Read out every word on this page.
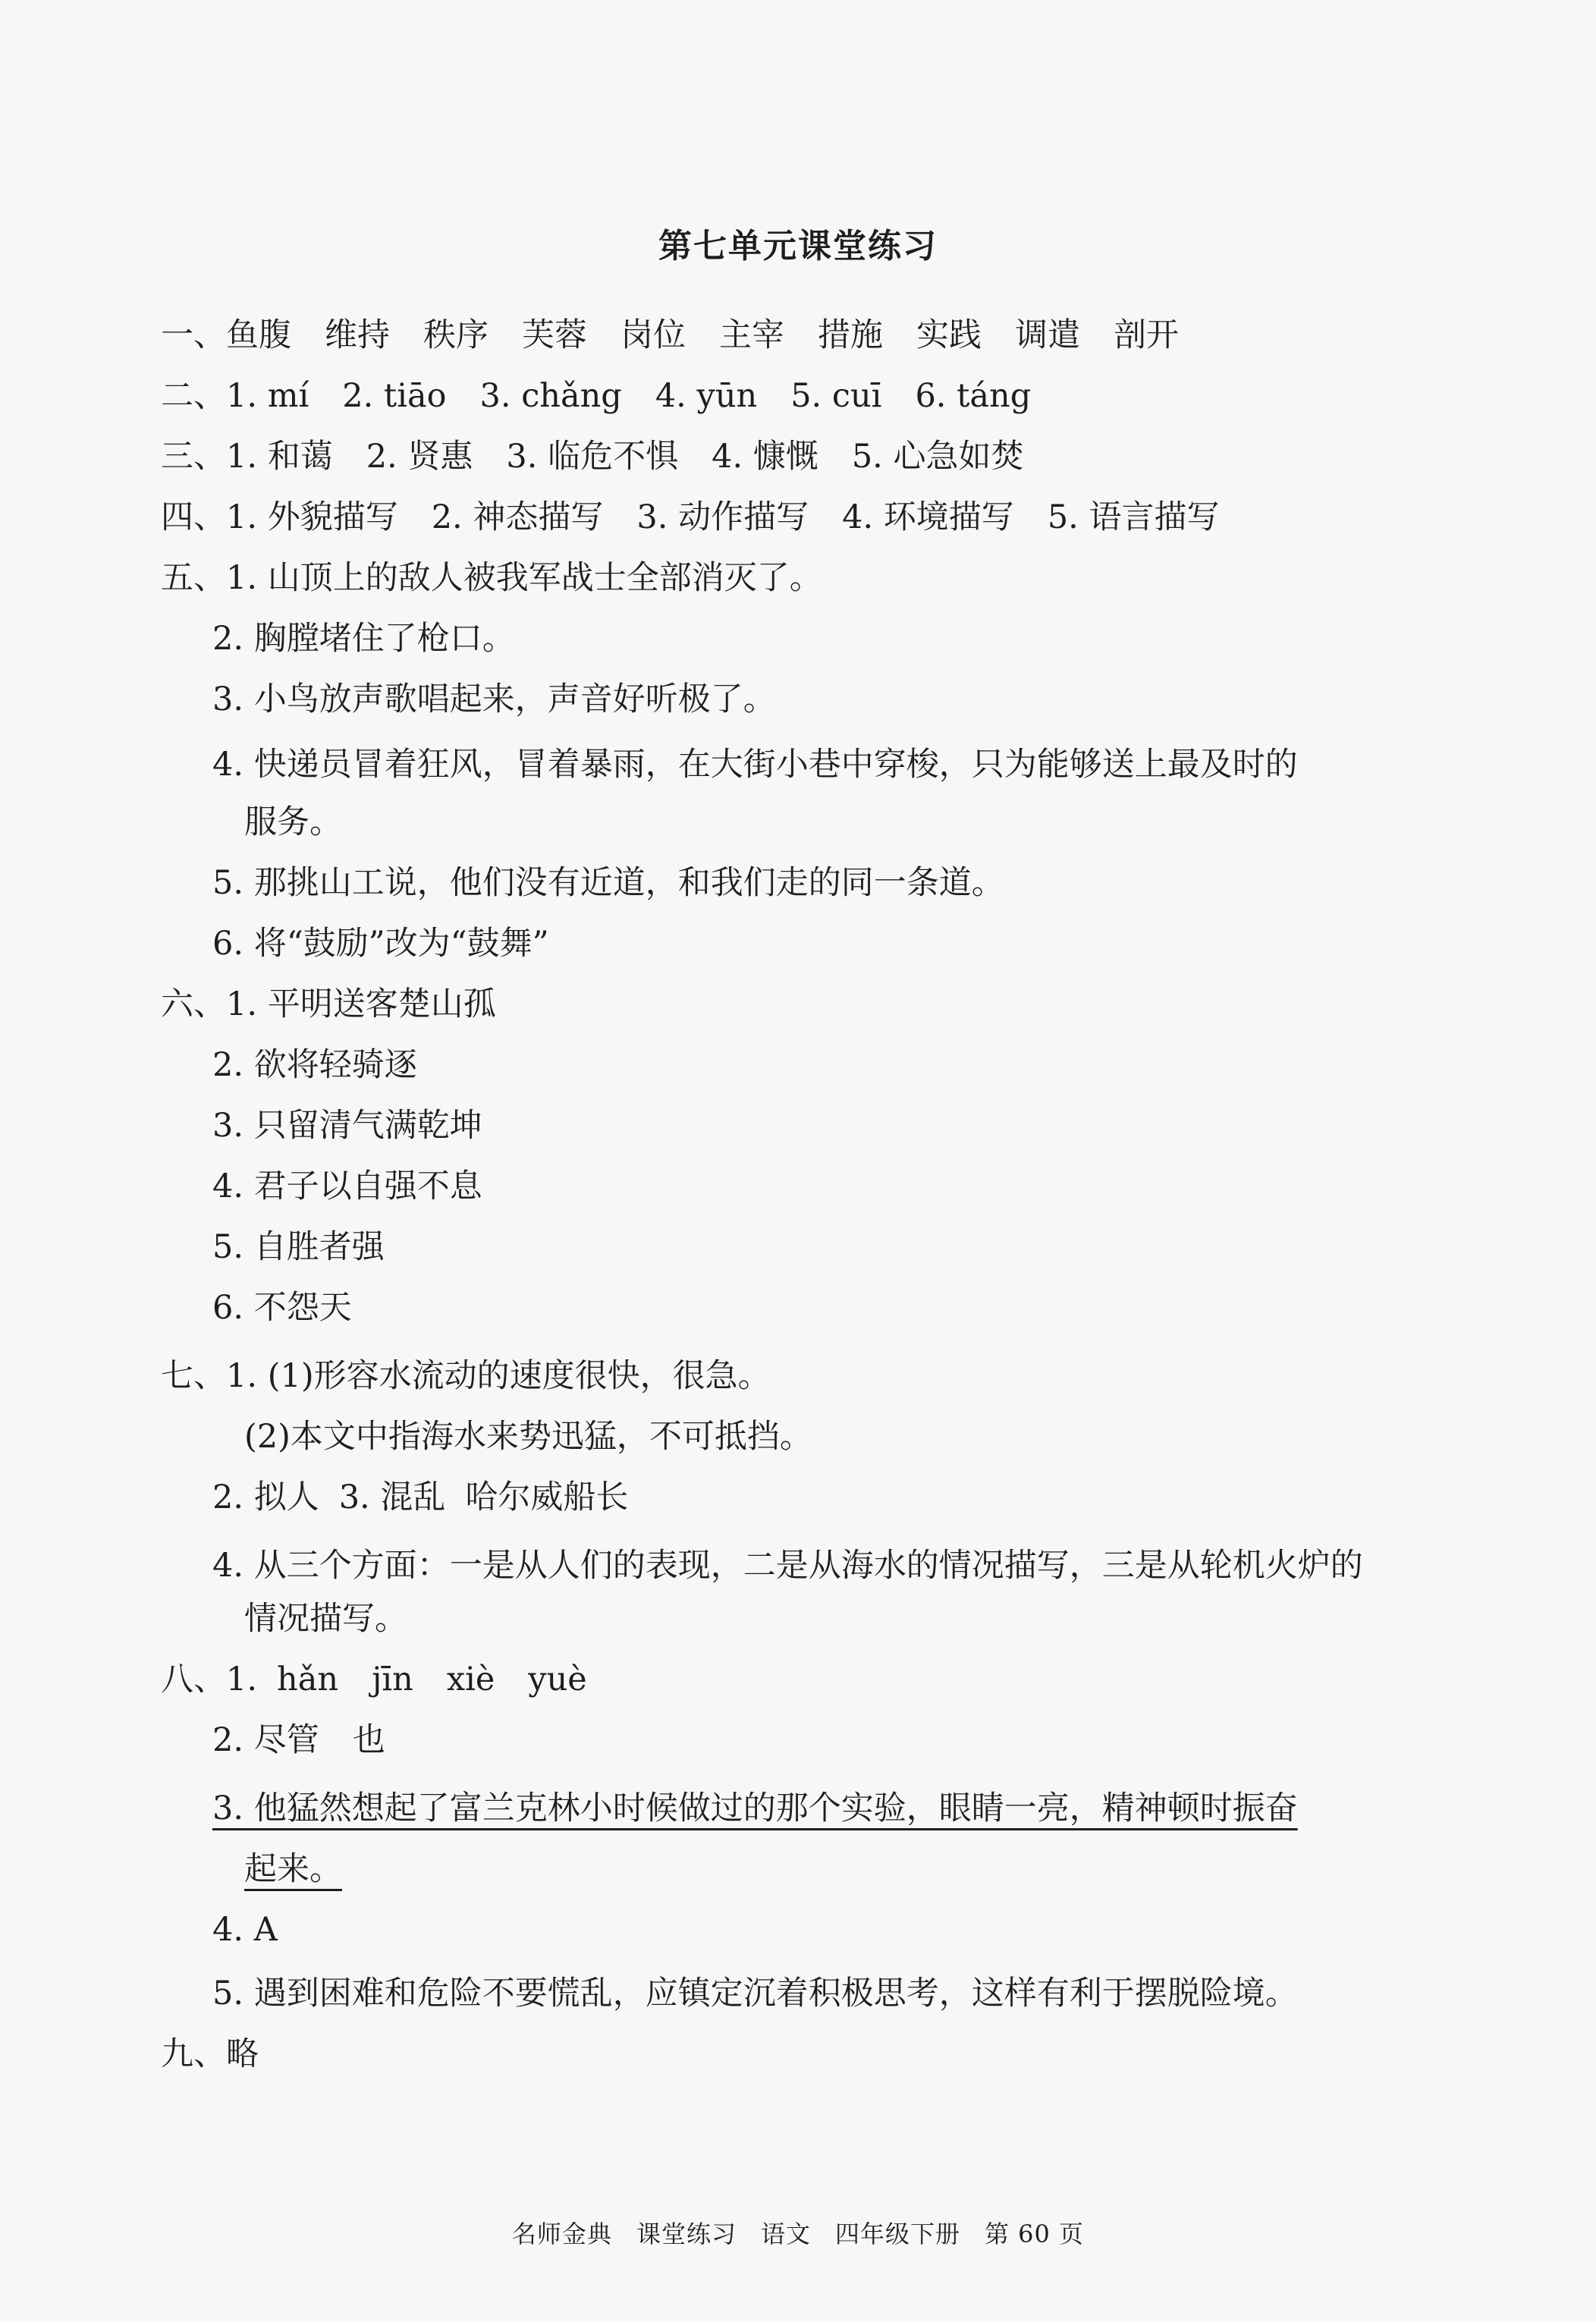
第七单元课堂练习
一、鱼腹 维持 秩序 芙蓉 岗位 主宰 措施 实践 调遣 剖开
二、1. mí 2. tiāo 3. chǎng 4. yūn 5. cuī 6. táng
三、1. 和蔼 2. 贤惠 3. 临危不惧 4. 慷慨 5. 心急如焚
四、1. 外貌描写 2. 神态描写 3. 动作描写 4. 环境描写 5. 语言描写
五、1. 山顶上的敌人被我军战士全部消灭了。
2. 胸膛堵住了枪口。
3. 小鸟放声歌唱起来，声音好听极了。
4. 快递员冒着狂风，冒着暴雨，在大街小巷中穿梭，只为能够送上最及时的
服务。
5. 那挑山工说，他们没有近道，和我们走的同一条道。
6. 将“鼓励”改为“鼓舞”
六、1. 平明送客楚山孤
2. 欲将轻骑逐
3. 只留清气满乾坤
4. 君子以自强不息
5. 自胜者强
6. 不怨天
七、1. (1)形容水流动的速度很快，很急。
(2)本文中指海水来势迅猛，不可抵挡。
2. 拟人 3. 混乱 哈尔威船长
4. 从三个方面：一是从人们的表现，二是从海水的情况描写，三是从轮机火炉的
情况描写。
八、1. hǎn jīn xiè yuè
2. 尽管 也
3. 他猛然想起了富兰克林小时候做过的那个实验，眼睛一亮，精神顿时振奋
起来。
4. A
5. 遇到困难和危险不要慌乱，应镇定沉着积极思考，这样有利于摆脱险境。
九、略
名师金典 课堂练习 语文 四年级下册 第 60 页
